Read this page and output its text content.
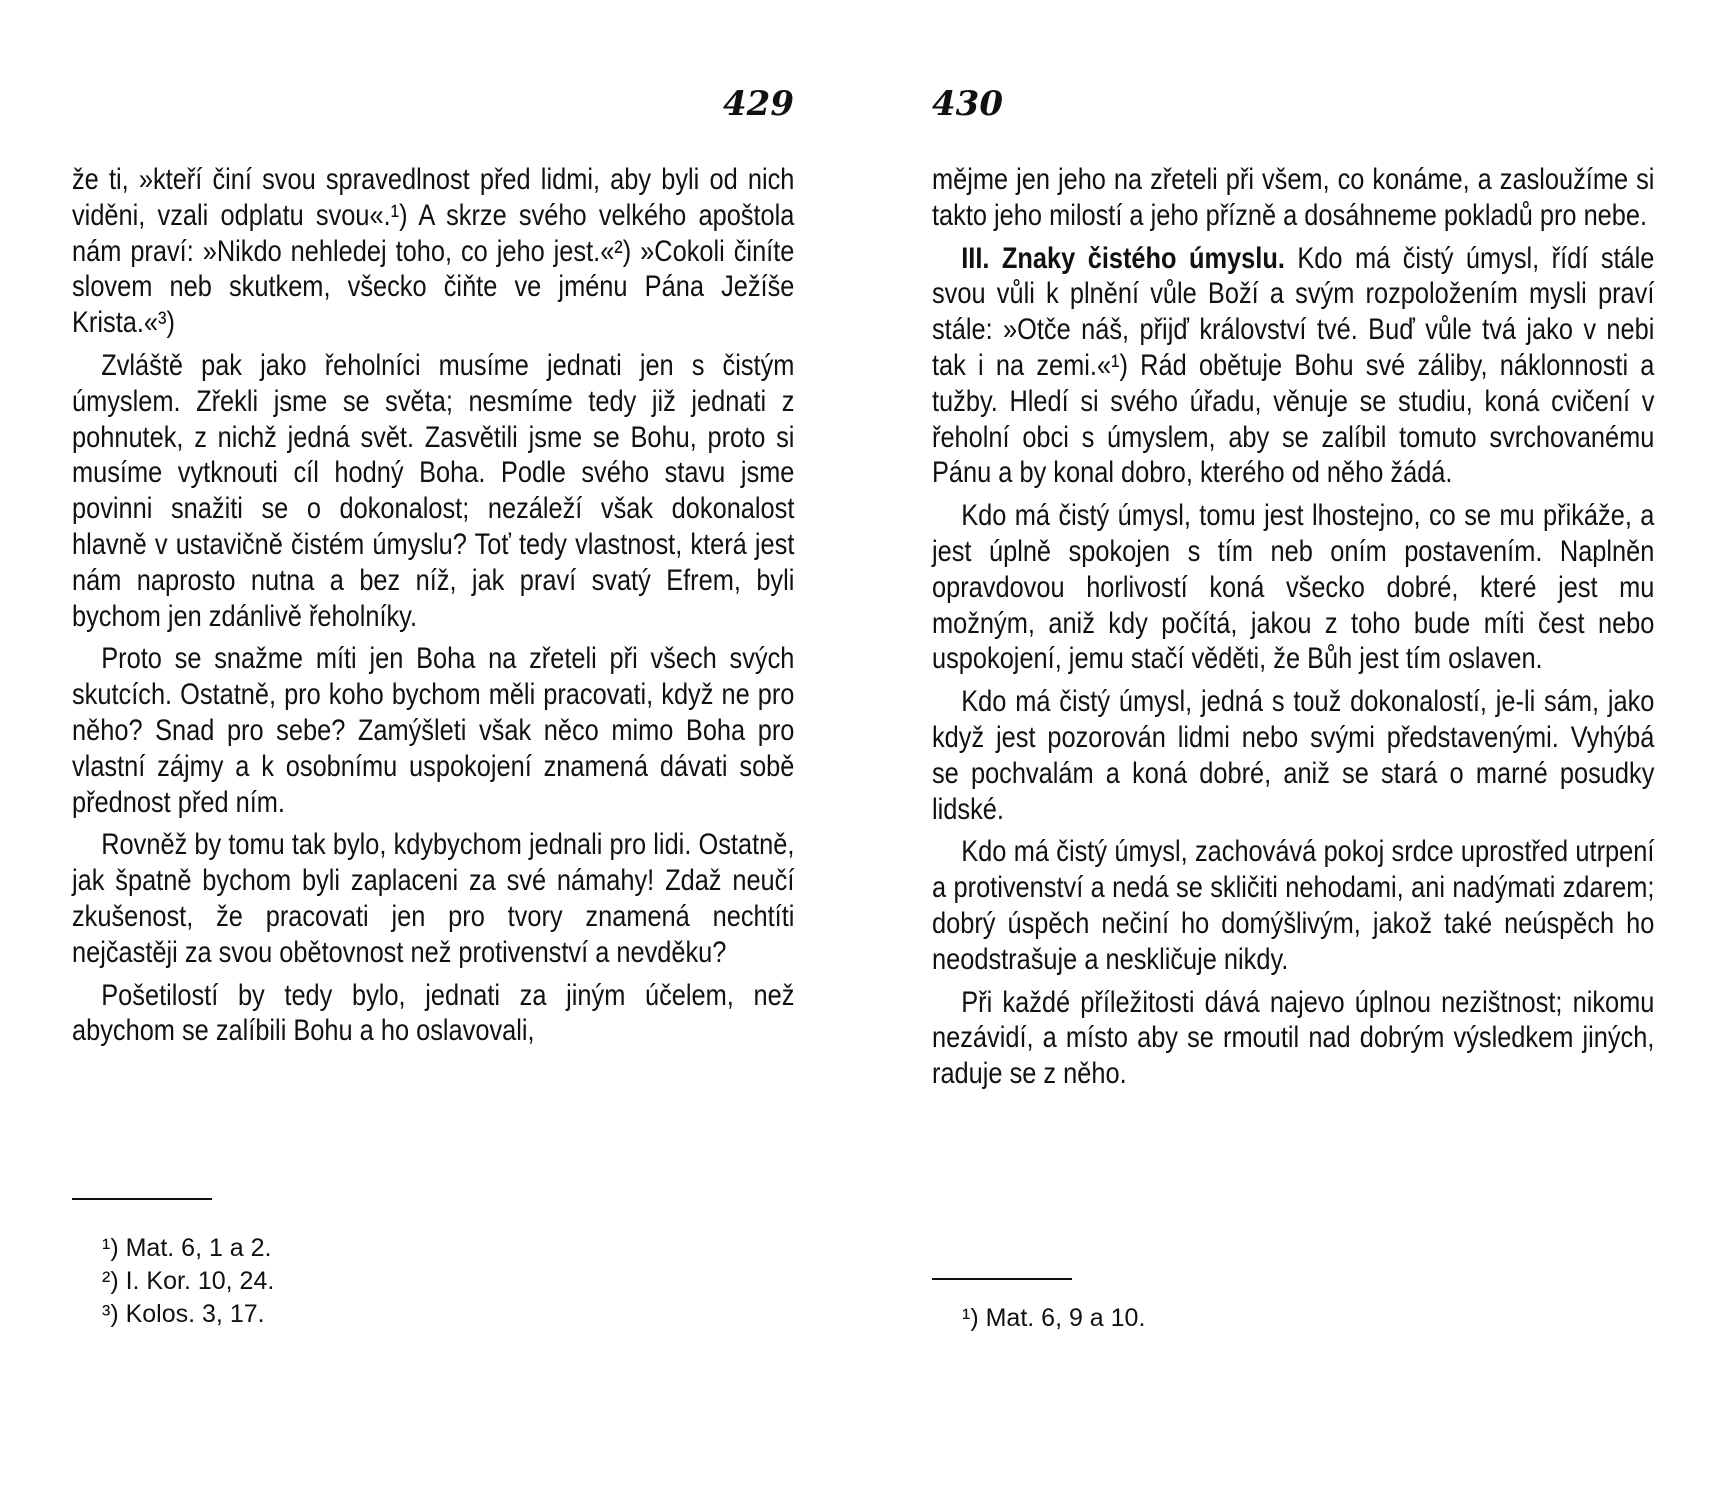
429

že ti, »kteří činí svou spravedlnost před lidmi, aby byli od nich viděni, vzali odplatu svou«.¹) A skrze svého velkého apoštola nám praví: »Nikdo nehledej toho, co jeho jest.«²) »Cokoli činíte slovem neb skutkem, všecko čiňte ve jménu Pána Ježíše Krista.«³)

Zvláště pak jako řeholníci musíme jednati jen s čistým úmyslem. Zřekli jsme se světa; nesmíme tedy již jednati z pohnutek, z nichž jedná svět. Zasvětili jsme se Bohu, proto si musíme vytknouti cíl hodný Boha. Podle svého stavu jsme povinni snažiti se o dokonalost; nezáleží však dokonalost hlavně v ustavičně čistém úmyslu? Toť tedy vlastnost, která jest nám naprosto nutna a bez níž, jak praví svatý Efrem, byli bychom jen zdánlivě řeholníky.

Proto se snažme míti jen Boha na zřeteli při všech svých skutcích. Ostatně, pro koho bychom měli pracovati, když ne pro něho? Snad pro sebe? Zamýšleti však něco mimo Boha pro vlastní zájmy a k osobnímu uspokojení znamená dávati sobě přednost před ním.

Rovněž by tomu tak bylo, kdybychom jednali pro lidi. Ostatně, jak špatně bychom byli zaplaceni za své námahy! Zdaž neučí zkušenost, že pracovati jen pro tvory znamená nechtíti nejčastěji za svou obětovnost než protivenství a nevděku?

Pošetilostí by tedy bylo, jednati za jiným účelem, než abychom se zalíbili Bohu a ho oslavovali,

¹) Mat. 6, 1 a 2.
²) I. Kor. 10, 24.
³) Kolos. 3, 17.
430

mějme jen jeho na zřeteli při všem, co konáme, a zasloužíme si takto jeho milostí a jeho přízně a dosáhneme pokladů pro nebe.

III. Znaky čistého úmyslu. Kdo má čistý úmysl, řídí stále svou vůli k plnění vůle Boží a svým rozpoložením mysli praví stále: »Otče náš, přijď království tvé. Buď vůle tvá jako v nebi tak i na zemi.«¹) Rád obětuje Bohu své záliby, náklonnosti a tužby. Hledí si svého úřadu, věnuje se studiu, koná cvičení v řeholní obci s úmyslem, aby se zalíbil tomuto svrchovanému Pánu a by konal dobro, kterého od něho žádá.

Kdo má čistý úmysl, tomu jest lhostejno, co se mu přikáže, a jest úplně spokojen s tím neb oním postavením. Naplněn opravdovou horlivostí koná všecko dobré, které jest mu možným, aniž kdy počítá, jakou z toho bude míti čest nebo uspokojení, jemu stačí věděti, že Bůh jest tím oslaven.

Kdo má čistý úmysl, jedná s touž dokonalostí, je-li sám, jako když jest pozorován lidmi nebo svými představenými. Vyhýbá se pochvalám a koná dobré, aniž se stará o marné posudky lidské.

Kdo má čistý úmysl, zachovává pokoj srdce uprostřed utrpení a protivenství a nedá se skličiti nehodami, ani nadýmati zdarem; dobrý úspěch nečiní ho domýšlivým, jakož také neúspěch ho neodstrašuje a neskličuje nikdy.

Při každé příležitosti dává najevo úplnou nezištnost; nikomu nezávidí, a místo aby se rmoutil nad dobrým výsledkem jiných, raduje se z něho.

¹) Mat. 6, 9 a 10.
